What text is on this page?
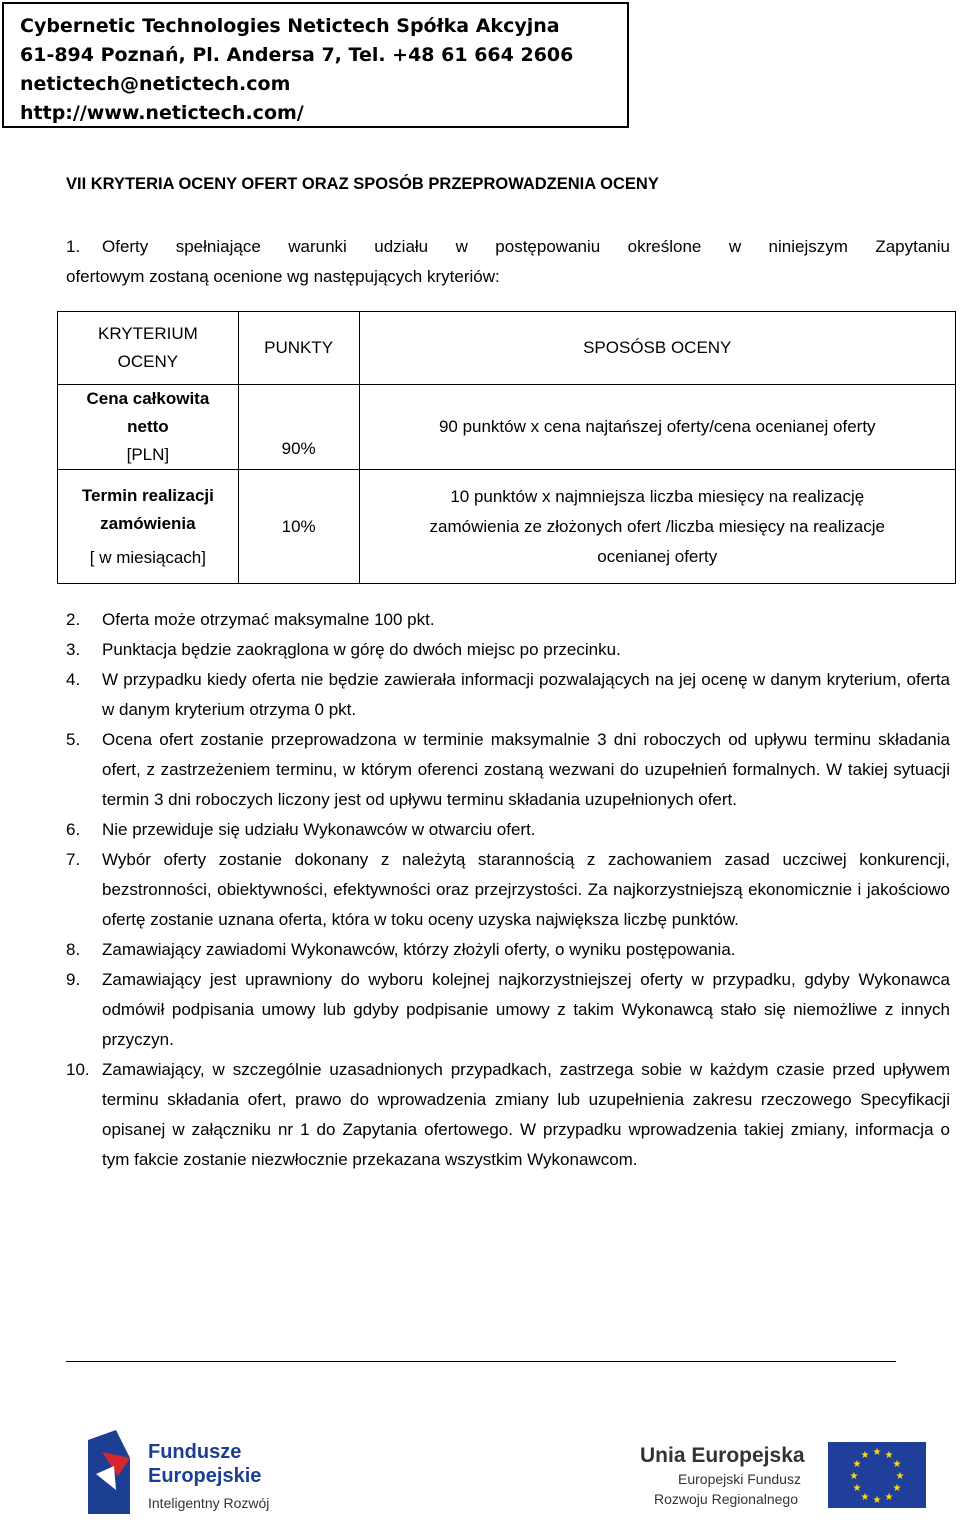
Cybernetic Technologies Netictech Spółka Akcyjna
61-894 Poznań, Pl. Andersa 7, Tel. +48 61 664 2606
netictech@netictech.com
http://www.netictech.com/
VII KRYTERIA OCENY OFERT ORAZ SPOSÓB PRZEPROWADZENIA OCENY
1.	Oferty spełniające warunki udziału w postępowaniu określone w niniejszym Zapytaniu
ofertowym zostaną ocenione wg następujących kryteriów:
KRYTERIUM OCENY	PUNKTY	SPOSÓSB OCENY
Cena całkowita netto [PLN]	90%	90 punktów x cena najtańszej oferty/cena ocenianej oferty

Termin realizacji zamówienia
[ w miesiącach]	10%	10 punktów x najmniejsza liczba miesięcy na realizację zamówienia ze złożonych ofert /liczba miesięcy na realizacje ocenianej oferty
2.	Oferta może otrzymać maksymalne 100 pkt.
3.	Punktacja będzie zaokrąglona w górę do dwóch miejsc po przecinku.
4.	W przypadku kiedy oferta nie będzie zawierała informacji pozwalających na jej ocenę w danym kryterium, oferta w danym kryterium otrzyma 0 pkt.
5.	Ocena ofert zostanie przeprowadzona w terminie maksymalnie 3 dni roboczych od upływu terminu składania ofert, z zastrzeżeniem terminu, w którym oferenci zostaną wezwani do uzupełnień formalnych. W takiej sytuacji termin 3 dni roboczych liczony jest od upływu terminu składania uzupełnionych ofert.
6.	Nie przewiduje się udziału Wykonawców w otwarciu ofert.
7.	Wybór oferty zostanie dokonany z należytą starannością z zachowaniem zasad uczciwej konkurencji, bezstronności, obiektywności, efektywności oraz przejrzystości. Za najkorzystniejszą ekonomicznie i jakościowo ofertę zostanie uznana oferta, która w toku oceny uzyska największa liczbę punktów.
8.	Zamawiający zawiadomi Wykonawców, którzy złożyli oferty, o wyniku postępowania.
9.	Zamawiający jest uprawniony do wyboru kolejnej najkorzystniejszej oferty w przypadku, gdyby Wykonawca odmówił podpisania umowy lub gdyby podpisanie umowy z takim Wykonawcą stało się niemożliwe z innych przyczyn.
10. Zamawiający, w szczególnie uzasadnionych przypadkach, zastrzega sobie w każdym czasie przed upływem terminu składania ofert, prawo do wprowadzenia zmiany lub uzupełnienia zakresu rzeczowego Specyfikacji opisanej w załączniku nr 1 do Zapytania ofertowego. W przypadku wprowadzenia takiej zmiany, informacja o tym fakcie zostanie niezwłocznie przekazana wszystkim Wykonawcom.
Fundusze
Europejskie
Inteligentny Rozwój
Unia Europejska
Europejski Fundusz
Rozwoju Regionalnego
★ ★
★
★
★
★
★
★
★
★
★
★
